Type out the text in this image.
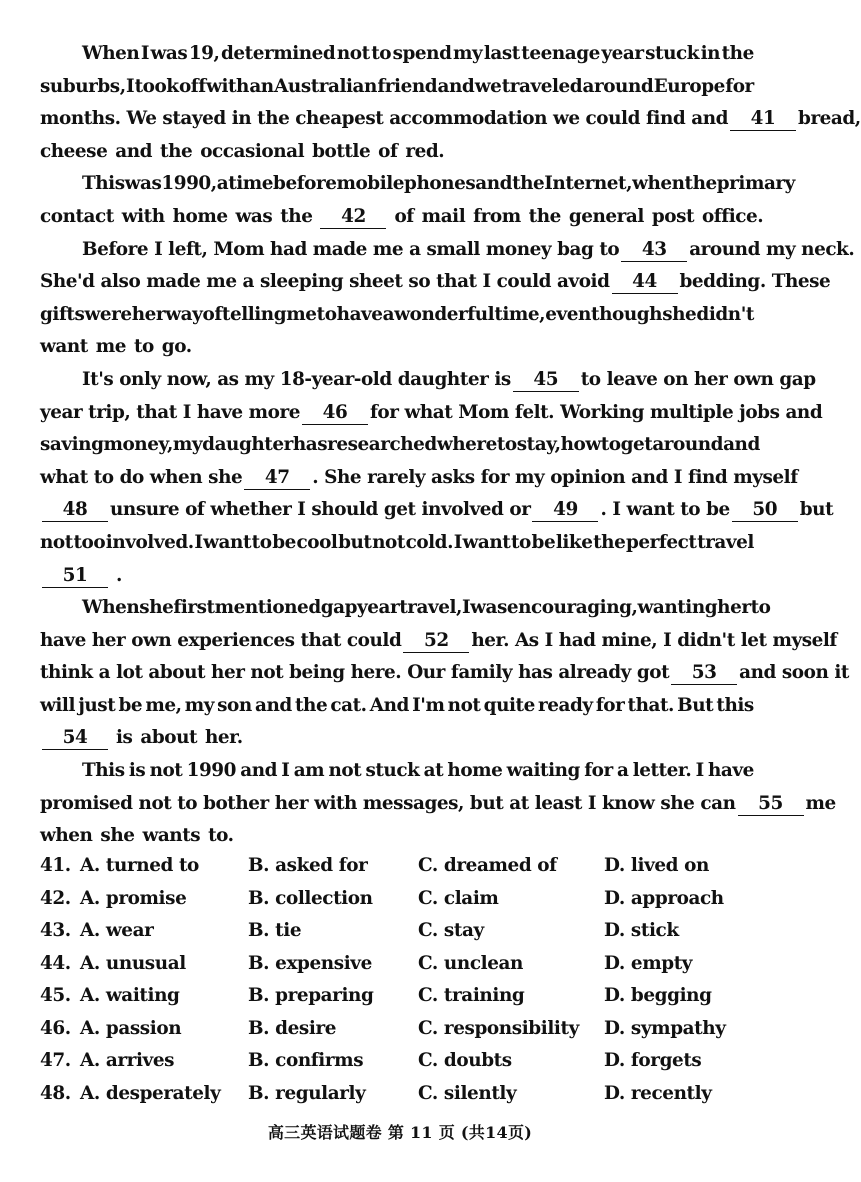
When I was 19, determined not to spend my last teenage year stuck in the
suburbs, I took off with an Australian friend and we traveled around Europe for
months. We stayed in the cheapest accommodation we could find and	41	bread,
cheese and the occasional bottle of red.
This was 1990, a time before mobile phones and the Internet, when the primary
contact with home was the	42	of mail from the general post office.
Before I left, Mom had made me a small money bag to	43	around my neck.
She'd also made me a sleeping sheet so that I could avoid	44	bedding. These
gifts were her way of telling me to have a wonderful time, even though she didn't
want me to go.
It's only now, as my 18-year-old daughter is	45	to leave on her own gap
year trip, that I have more	46	for what Mom felt. Working multiple jobs and
saving money, my daughter has researched where to stay, how to get around and
what to do when she	47	. She rarely asks for my opinion and I find myself
48	unsure of whether I should get involved or	49	. I want to be	50	but
not too involved. I want to be cool but not cold. I want to be like the perfect travel
51	.
When she first mentioned gap year travel, I was encouraging, wanting her to
have her own experiences that could	52	her. As I had mine, I didn't let myself
think a lot about her not being here. Our family has already got	53	and soon it
will just be me, my son and the cat. And I'm not quite ready for that. But this
54	is about her.
This is not 1990 and I am not stuck at home waiting for a letter. I have
promised not to bother her with messages, but at least I know she can	55	me
when she wants to.
41. A. turned to	B. asked for	C. dreamed of	D. lived on
42. A. promise	B. collection C. claim	D. approach
43. A. wear	B. tie	C. stay	D. stick
44. A. unusual	B. expensive	C. unclean	D. empty
45. A. waiting	B. preparing C. training	D. begging
46. A. passion	B. desire	C. responsibility D. sympathy
47. A. arrives	B. confirms	C. doubts	D. forgets
48. A. desperately B. regularly	C. silently	D. recently
高三英语试题卷 第 11 页 (共14页)
